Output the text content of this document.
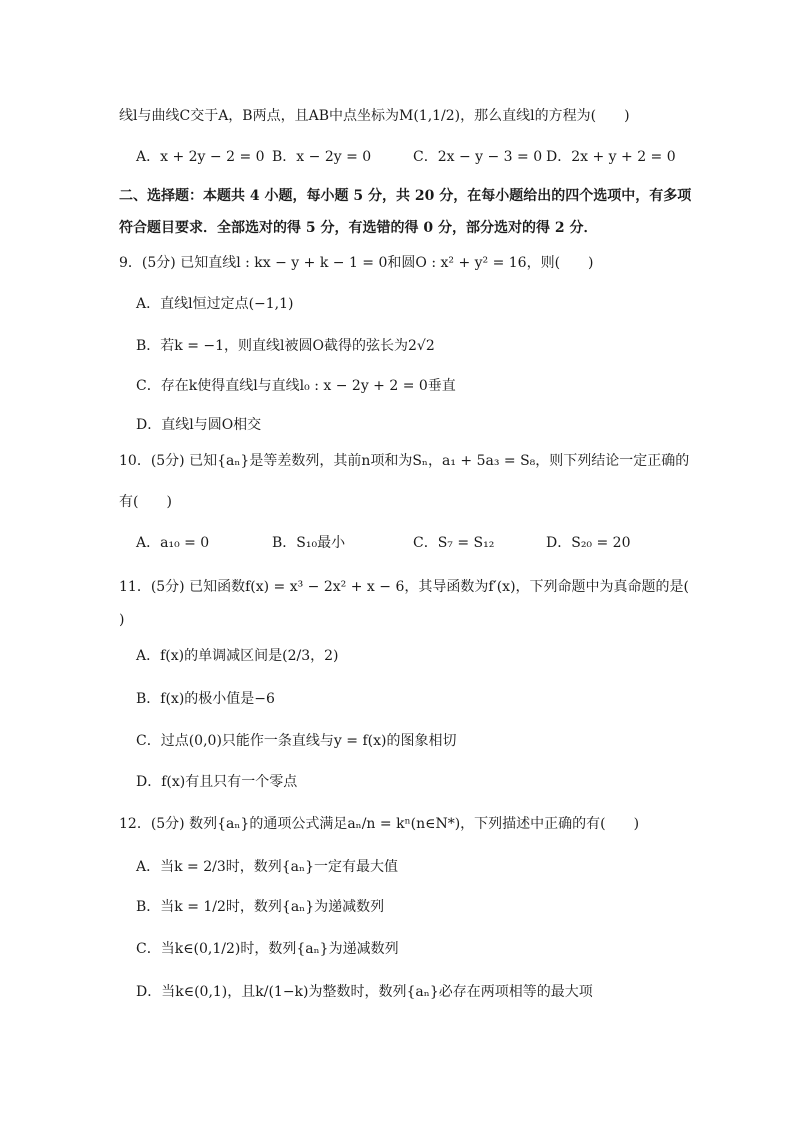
线l与曲线C交于A，B两点，且AB中点坐标为M(1,1/2)，那么直线l的方程为(　　)
A．x + 2y − 2 = 0 B．x − 2y = 0	C．2x − y − 3 = 0 D．2x + y + 2 = 0
二、选择题：本题共 4 小题，每小题 5 分，共 20 分，在每小题给出的四个选项中，有多项
符合题目要求．全部选对的得 5 分，有选错的得 0 分，部分选对的得 2 分．
9．(5分) 已知直线l : kx − y + k − 1 = 0和圆O : x² + y² = 16，则(　　)
A．直线l恒过定点(−1,1)
B．若k = −1，则直线l被圆O截得的弦长为2√2
C．存在k使得直线l与直线l₀ : x − 2y + 2 = 0垂直
D．直线l与圆O相交
10．(5分) 已知{aₙ}是等差数列，其前n项和为Sₙ，a₁ + 5a₃ = S₈，则下列结论一定正确的
有(　　)
A．a₁₀ = 0	B．S₁₀最小	C．S₇ = S₁₂	D．S₂₀ = 20
11．(5分) 已知函数f(x) = x³ − 2x² + x − 6，其导函数为f′(x)，下列命题中为真命题的是(
)
A．f(x)的单调减区间是(2/3，2)
B．f(x)的极小值是−6
C．过点(0,0)只能作一条直线与y = f(x)的图象相切
D．f(x)有且只有一个零点
12．(5分) 数列{aₙ}的通项公式满足aₙ/n = kⁿ(n∈N*)，下列描述中正确的有(　　)
A．当k = 2/3时，数列{aₙ}一定有最大值
B．当k = 1/2时，数列{aₙ}为递减数列
C．当k∈(0,1/2)时，数列{aₙ}为递减数列
D．当k∈(0,1)，且k/(1−k)为整数时，数列{aₙ}必存在两项相等的最大项
